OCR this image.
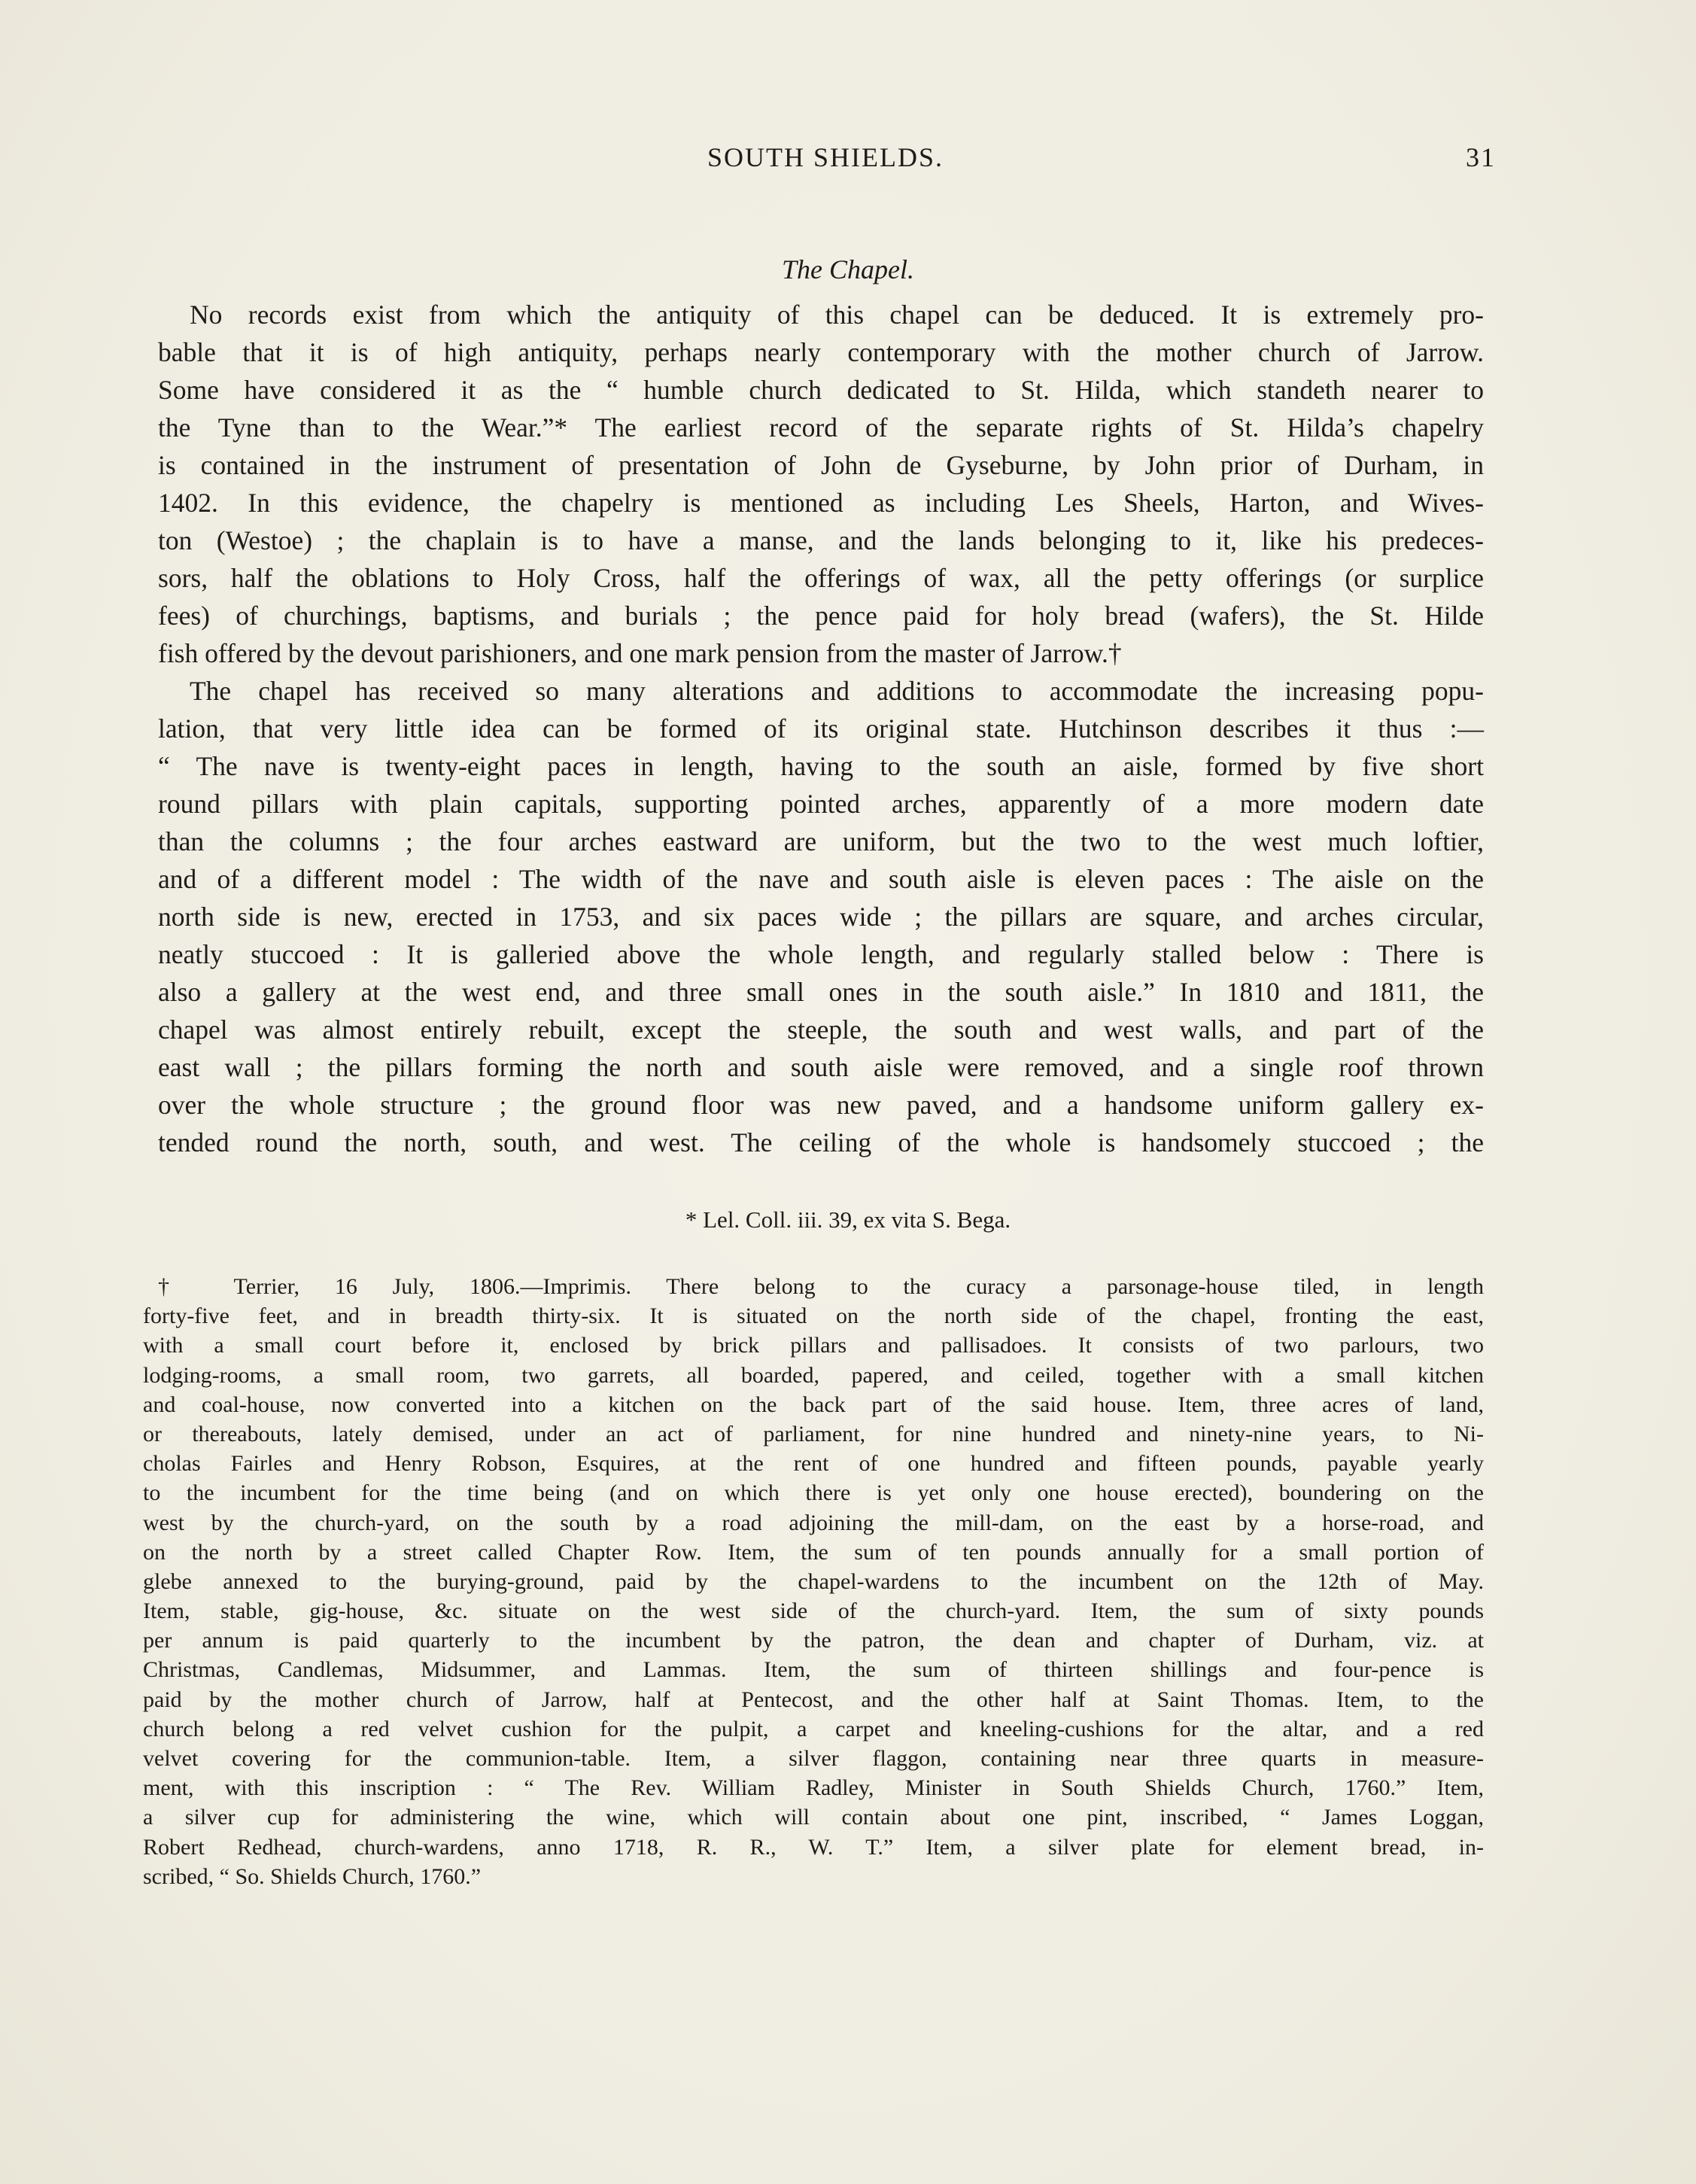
SOUTH SHIELDS.	31
The Chapel.
No records exist from which the antiquity of this chapel can be deduced. It is extremely pro-
bable that it is of high antiquity, perhaps nearly contemporary with the mother church of Jarrow.
Some have considered it as the “ humble church dedicated to St. Hilda, which standeth nearer to
the Tyne than to the Wear.”* The earliest record of the separate rights of St. Hilda’s chapelry
is contained in the instrument of presentation of John de Gyseburne, by John prior of Durham, in
1402. In this evidence, the chapelry is mentioned as including Les Sheels, Harton, and Wives-
ton (Westoe) ; the chaplain is to have a manse, and the lands belonging to it, like his predeces-
sors, half the oblations to Holy Cross, half the offerings of wax, all the petty offerings (or surplice
fees) of churchings, baptisms, and burials ; the pence paid for holy bread (wafers), the St. Hilde
fish offered by the devout parishioners, and one mark pension from the master of Jarrow.†
The chapel has received so many alterations and additions to accommodate the increasing popu-
lation, that very little idea can be formed of its original state. Hutchinson describes it thus :—
“ The nave is twenty-eight paces in length, having to the south an aisle, formed by five short
round pillars with plain capitals, supporting pointed arches, apparently of a more modern date
than the columns ; the four arches eastward are uniform, but the two to the west much loftier,
and of a different model : The width of the nave and south aisle is eleven paces : The aisle on the
north side is new, erected in 1753, and six paces wide ; the pillars are square, and arches circular,
neatly stuccoed : It is galleried above the whole length, and regularly stalled below : There is
also a gallery at the west end, and three small ones in the south aisle.” In 1810 and 1811, the
chapel was almost entirely rebuilt, except the steeple, the south and west walls, and part of the
east wall ; the pillars forming the north and south aisle were removed, and a single roof thrown
over the whole structure ; the ground floor was new paved, and a handsome uniform gallery ex-
tended round the north, south, and west. The ceiling of the whole is handsomely stuccoed ; the
* Lel. Coll. iii. 39, ex vita S. Bega.
† Terrier, 16 July, 1806.—Imprimis. There belong to the curacy a parsonage-house tiled, in length
forty-five feet, and in breadth thirty-six. It is situated on the north side of the chapel, fronting the east,
with a small court before it, enclosed by brick pillars and pallisadoes. It consists of two parlours, two
lodging-rooms, a small room, two garrets, all boarded, papered, and ceiled, together with a small kitchen
and coal-house, now converted into a kitchen on the back part of the said house. Item, three acres of land,
or thereabouts, lately demised, under an act of parliament, for nine hundred and ninety-nine years, to Ni-
cholas Fairles and Henry Robson, Esquires, at the rent of one hundred and fifteen pounds, payable yearly
to the incumbent for the time being (and on which there is yet only one house erected), boundering on the
west by the church-yard, on the south by a road adjoining the mill-dam, on the east by a horse-road, and
on the north by a street called Chapter Row. Item, the sum of ten pounds annually for a small portion of
glebe annexed to the burying-ground, paid by the chapel-wardens to the incumbent on the 12th of May.
Item, stable, gig-house, &c. situate on the west side of the church-yard. Item, the sum of sixty pounds
per annum is paid quarterly to the incumbent by the patron, the dean and chapter of Durham, viz. at
Christmas, Candlemas, Midsummer, and Lammas. Item, the sum of thirteen shillings and four-pence is
paid by the mother church of Jarrow, half at Pentecost, and the other half at Saint Thomas. Item, to the
church belong a red velvet cushion for the pulpit, a carpet and kneeling-cushions for the altar, and a red
velvet covering for the communion-table. Item, a silver flaggon, containing near three quarts in measure-
ment, with this inscription : “ The Rev. William Radley, Minister in South Shields Church, 1760.” Item,
a silver cup for administering the wine, which will contain about one pint, inscribed, “ James Loggan,
Robert Redhead, church-wardens, anno 1718, R. R., W. T.” Item, a silver plate for element bread, in-
scribed, “ So. Shields Church, 1760.”
